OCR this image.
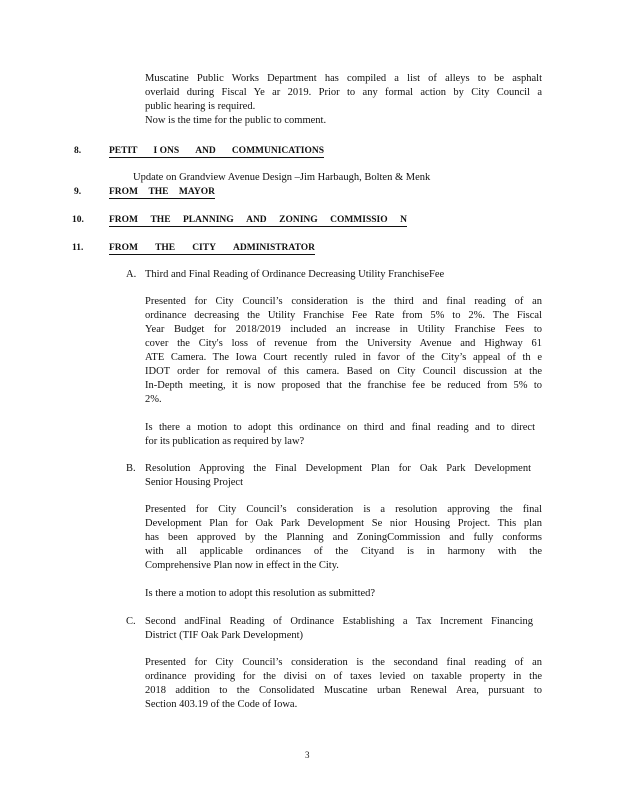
Muscatine Public Works Department has compiled a list of alleys to be asphalt
overlaid during Fiscal Ye ar 2019. Prior to any formal action by City Council a
public hearing is required.
Now is the time for the public to comment.
8.	PETIT I ONS AND COMMUNICATIONS
Update on Grandview Avenue Design –Jim Harbaugh, Bolten & Menk
9.	FROM THE MAYOR
10.	FROM THE PLANNING AND ZONING COMMISSIO N
11.	FROM THE CITY ADMINISTRATOR
A. Third and Final Reading of Ordinance Decreasing Utility FranchiseFee
Presented for City Council’s consideration is the third and final reading of an
ordinance decreasing the Utility Franchise Fee Rate from 5% to 2%. The Fiscal
Year Budget for 2018/2019 included an increase in Utility Franchise Fees to
cover the City's loss of revenue from the University Avenue and Highway 61
ATE Camera. The Iowa Court recently ruled in favor of the City’s appeal of th e
IDOT order for removal of this camera. Based on City Council discussion at the
In-Depth meeting, it is now proposed that the franchise fee be reduced from 5% to
2%.
Is there a motion to adopt this ordinance on third and final reading and to direct
for its publication as required by law?
B. Resolution Approving the Final Development Plan for Oak Park Development
Senior Housing Project
Presented for City Council’s consideration is a resolution approving the final
Development Plan for Oak Park Development Se nior Housing Project. This plan
has been approved by the Planning and ZoningCommission and fully conforms
with all applicable ordinances of the Cityand is in harmony with the
Comprehensive Plan now in effect in the City.
Is there a motion to adopt this resolution as submitted?
C. Second andFinal Reading of Ordinance Establishing a Tax Increment Financing
District (TIF Oak Park Development)
Presented for City Council’s consideration is the secondand final reading of an
ordinance providing for the divisi on of taxes levied on taxable property in the
2018 addition to the Consolidated Muscatine urban Renewal Area, pursuant to
Section 403.19 of the Code of Iowa.
3
